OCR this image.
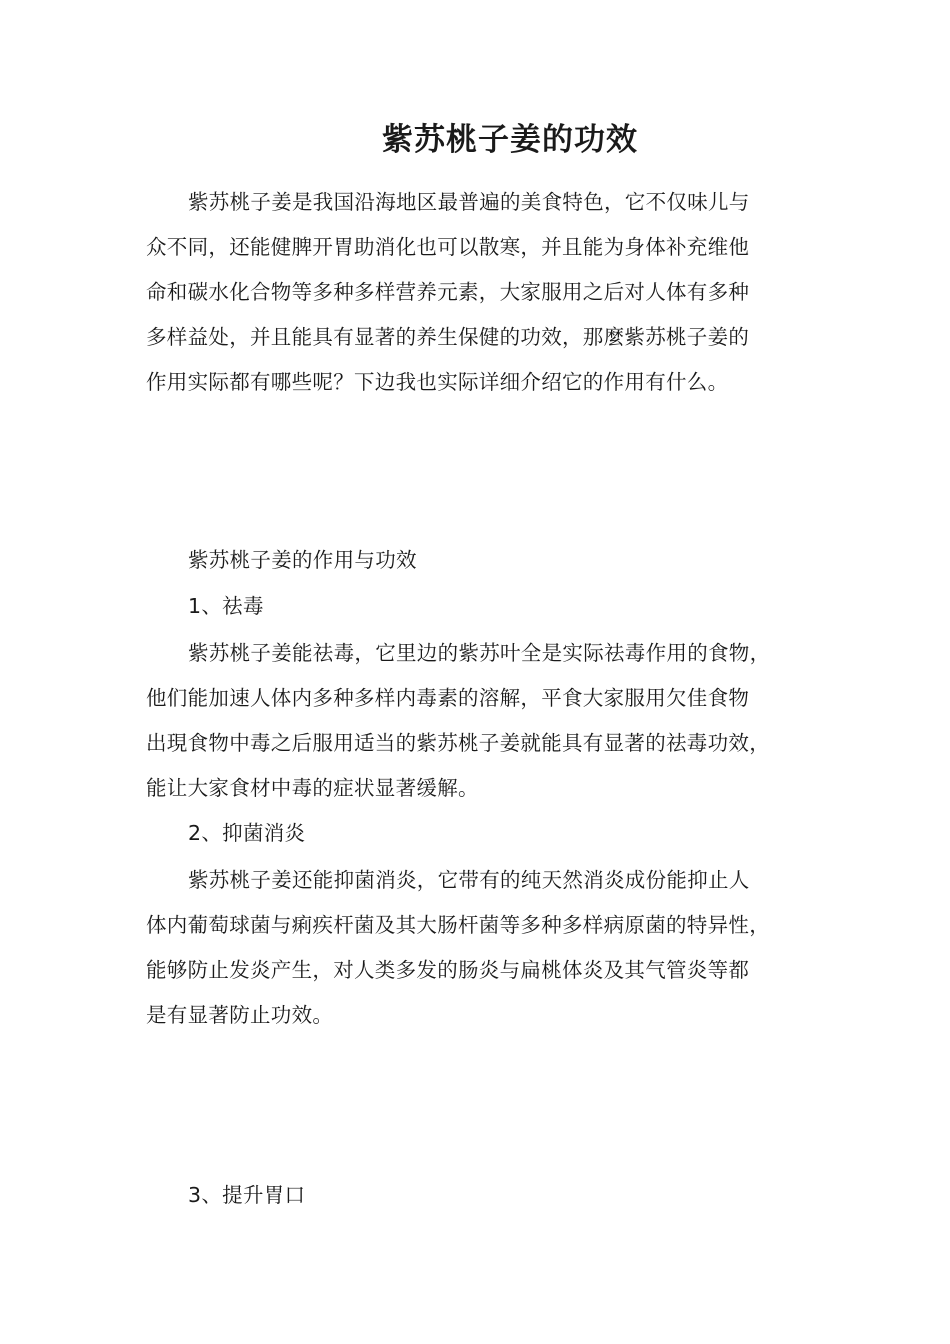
紫苏桃子姜的功效
紫苏桃子姜是我国沿海地区最普遍的美食特色，它不仅味儿与
众不同，还能健脾开胃助消化也可以散寒，并且能为身体补充维他
命和碳水化合物等多种多样营养元素，大家服用之后对人体有多种
多样益处，并且能具有显著的养生保健的功效，那麼紫苏桃子姜的
作用实际都有哪些呢？下边我也实际详细介绍它的作用有什么。
紫苏桃子姜的作用与功效
1、祛毒
紫苏桃子姜能祛毒，它里边的紫苏叶全是实际祛毒作用的食物，
他们能加速人体内多种多样内毒素的溶解，平食大家服用欠佳食物
出現食物中毒之后服用适当的紫苏桃子姜就能具有显著的祛毒功效，
能让大家食材中毒的症状显著缓解。
2、抑菌消炎
紫苏桃子姜还能抑菌消炎，它带有的纯天然消炎成份能抑止人
体内葡萄球菌与痢疾杆菌及其大肠杆菌等多种多样病原菌的特异性，
能够防止发炎产生，对人类多发的肠炎与扁桃体炎及其气管炎等都
是有显著防止功效。
3、提升胃口
